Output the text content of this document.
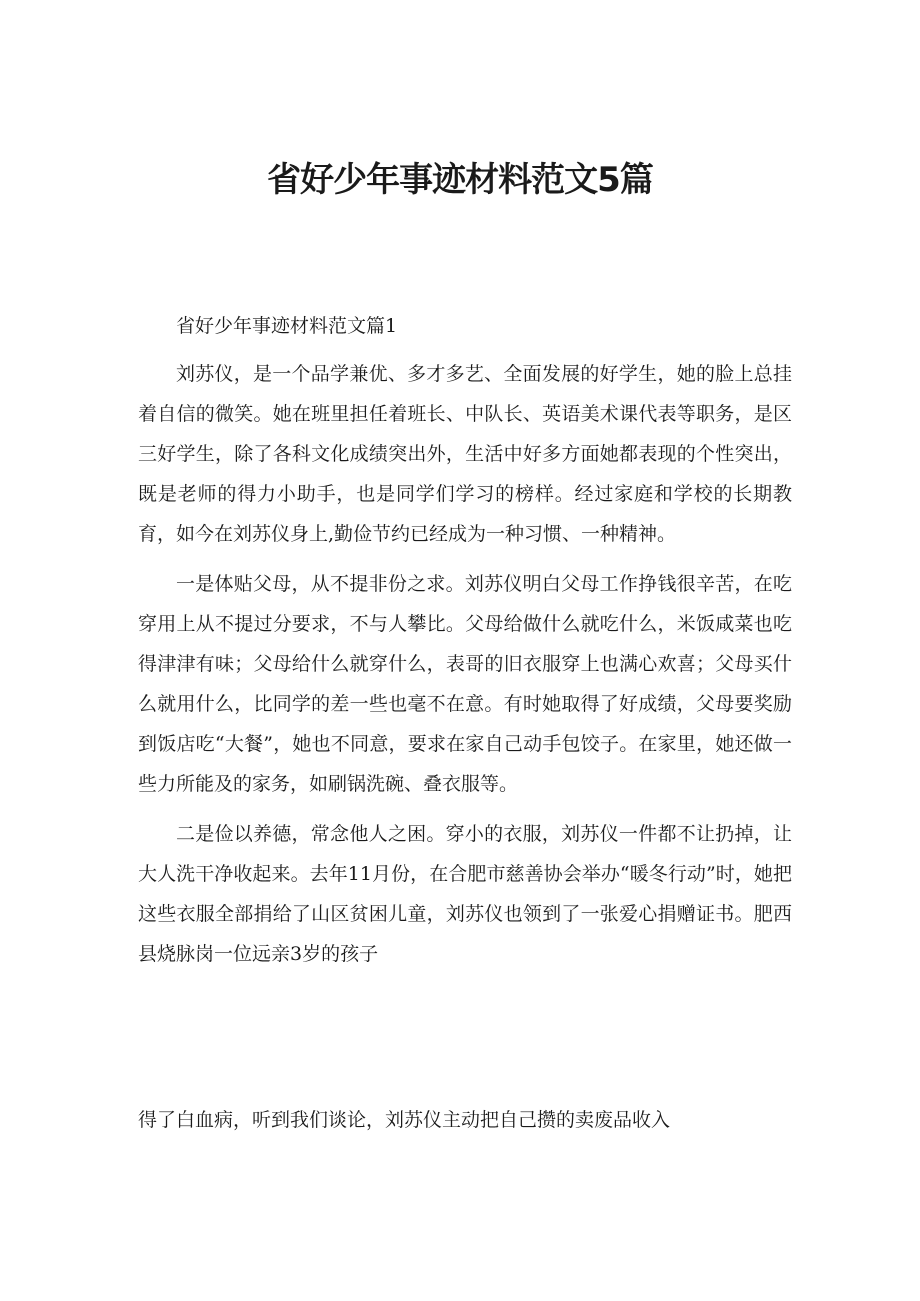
省好少年事迹材料范文5篇

省好少年事迹材料范文篇1

刘苏仪，是一个品学兼优、多才多艺、全面发展的好学生，她的脸上总挂着自信的微笑。她在班里担任着班长、中队长、英语美术课代表等职务，是区三好学生，除了各科文化成绩突出外，生活中好多方面她都表现的个性突出，既是老师的得力小助手，也是同学们学习的榜样。经过家庭和学校的长期教育，如今在刘苏仪身上,勤俭节约已经成为一种习惯、一种精神。

一是体贴父母，从不提非份之求。刘苏仪明白父母工作挣钱很辛苦，在吃穿用上从不提过分要求，不与人攀比。父母给做什么就吃什么，米饭咸菜也吃得津津有味；父母给什么就穿什么，表哥的旧衣服穿上也满心欢喜；父母买什么就用什么，比同学的差一些也毫不在意。有时她取得了好成绩，父母要奖励到饭店吃“大餐”，她也不同意，要求在家自己动手包饺子。在家里，她还做一些力所能及的家务，如刷锅洗碗、叠衣服等。

二是俭以养德，常念他人之困。穿小的衣服，刘苏仪一件都不让扔掉，让大人洗干净收起来。去年11月份，在合肥市慈善协会举办“暖冬行动”时，她把这些衣服全部捐给了山区贫困儿童，刘苏仪也领到了一张爱心捐赠证书。肥西县烧脉岗一位远亲3岁的孩子

得了白血病，听到我们谈论，刘苏仪主动把自己攒的卖废品收入
